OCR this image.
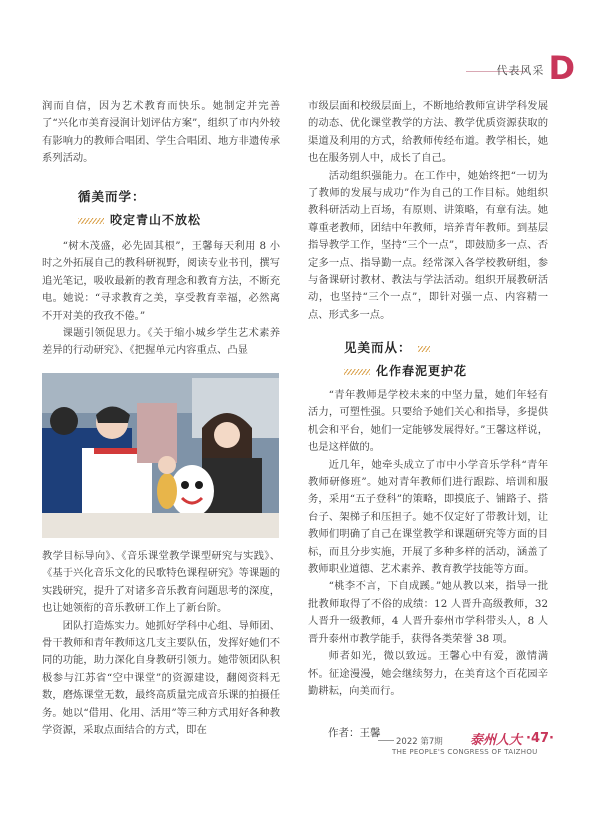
代表风采 D

润而自信，因为艺术教育而快乐。她制定并完善了“兴化市美育浸润计划评估方案”，组织了市内外较有影响力的教师合唱团、学生合唱团、地方非遗传承系列活动。

循美而学：
咬定青山不放松

“树木茂盛，必先固其根”，王馨每天利用 8 小时之外拓展自己的教科研视野，阅读专业书刊，撰写追光笔记，吸收最新的教育理念和教育方法，不断充电。她说：“寻求教育之美，享受教育幸福，必然离不开对美的孜孜不倦。”

课题引领促思力。《关于缩小城乡学生艺术素养差异的行动研究》、《把握单元内容重点、凸显

教学目标导向》、《音乐课堂教学课型研究与实践》、《基于兴化音乐文化的民歌特色课程研究》等课题的实践研究，提升了对诸多音乐教育问题思考的深度，也让她领衔的音乐教研工作上了新台阶。

团队打造炼实力。她抓好学科中心组、导师团、骨干教师和青年教师这几支主要队伍，发挥好她们不同的功能，助力深化自身教研引领力。她带领团队积极参与江苏省“空中课堂”的资源建设，翻阅资料无数，磨炼课堂无数，最终高质量完成音乐课的拍摄任务。她以“借用、化用、活用”等三种方式用好各种教学资源，采取点面结合的方式，即在

市级层面和校级层面上，不断地给教师宣讲学科发展的动态、优化课堂教学的方法、教学优质资源获取的渠道及利用的方式，给教师传经布道。教学相长，她也在服务别人中，成长了自己。

活动组织强能力。在工作中，她始终把“一切为了教师的发展与成功”作为自己的工作目标。她组织教科研活动上百场，有原则、讲策略，有章有法。她尊重老教师，团结中年教师，培养青年教师。到基层指导教学工作，坚持“三个一点”，即鼓励多一点、否定多一点、指导勤一点。经常深入各学校教研组，参与备课研讨教材、教法与学法活动。组织开展教研活动，也坚持“三个一点”，即针对强一点、内容精一点、形式多一点。

见美而从：
化作春泥更护花

“青年教师是学校未来的中坚力量，她们年轻有活力，可塑性强。只要给予她们关心和指导，多提供机会和平台，她们一定能够发展得好。”王馨这样说，也是这样做的。

近几年，她牵头成立了市中小学音乐学科“青年教师研修班”。她对青年教师们进行跟踪、培训和服务，采用“五子登科”的策略，即摸底子、铺路子、搭台子、架梯子和压担子。她不仅定好了带教计划，让教师们明确了自己在课堂教学和课题研究等方面的目标，而且分步实施，开展了多种多样的活动，涵盖了教师职业道德、艺术素养、教育教学技能等方面。

“桃李不言，下自成蹊。”她从教以来，指导一批批教师取得了不俗的成绩：12 人晋升高级教师，32 人晋升一级教师，4 人晋升泰州市学科带头人，8 人晋升泰州市教学能手，获得各类荣誉 38 项。

师者如光，微以致远。王馨心中有爱，激情满怀。征途漫漫，她会继续努力，在美育这个百花园辛勤耕耘，向美而行。

作者：王馨
2022 第7期 泰州人大
THE PEOPLE'S CONGRESS OF TAIZHOU
·47·
